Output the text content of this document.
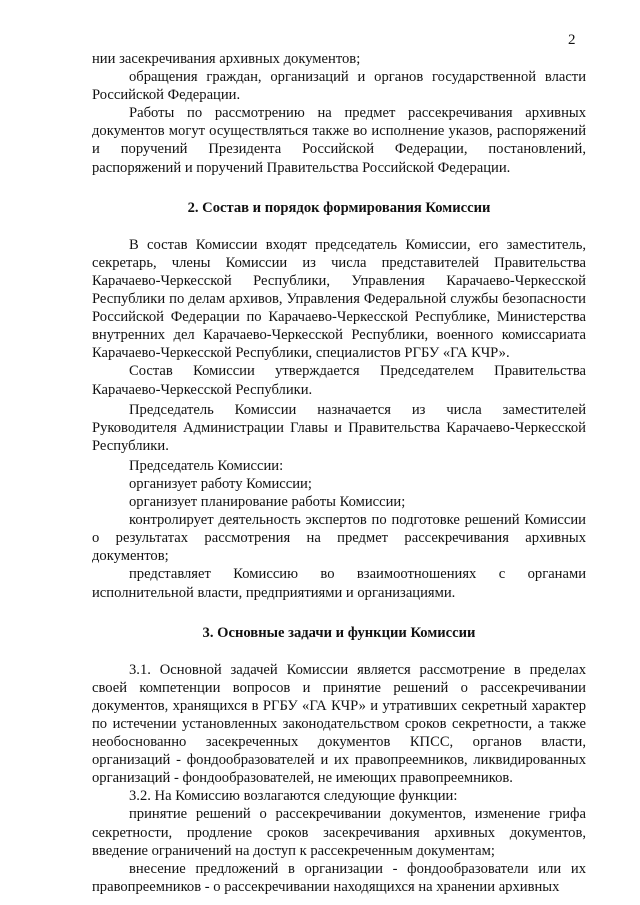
2

нии засекречивания архивных документов;

обращения граждан, организаций и органов государственной власти Российской Федерации.

Работы по рассмотрению на предмет рассекречивания архивных документов могут осуществляться также во исполнение указов, распоряжений и поручений Президента Российской Федерации, постановлений, распоряжений и поручений Правительства Российской Федерации.

2. Состав и порядок формирования Комиссии

В состав Комиссии входят председатель Комиссии, его заместитель, секретарь, члены Комиссии из числа представителей Правительства Карачаево-Черкесской Республики, Управления Карачаево-Черкесской Республики по делам архивов, Управления Федеральной службы безопасности Российской Федерации по Карачаево-Черкесской Республике, Министерства внутренних дел Карачаево-Черкесской Республики, военного комиссариата Карачаево-Черкесской Республики, специалистов РГБУ «ГА КЧР».

Состав Комиссии утверждается Председателем Правительства Карачаево-Черкесской Республики.

Председатель Комиссии назначается из числа заместителей Руководителя Администрации Главы и Правительства Карачаево-Черкесской Республики.

Председатель Комиссии:

организует работу Комиссии;

организует планирование работы Комиссии;

контролирует деятельность экспертов по подготовке решений Комиссии о результатах рассмотрения на предмет рассекречивания архивных документов;

представляет Комиссию во взаимоотношениях с органами исполнительной власти, предприятиями и организациями.

3. Основные задачи и функции Комиссии

3.1. Основной задачей Комиссии является рассмотрение в пределах своей компетенции вопросов и принятие решений о рассекречивании документов, хранящихся в РГБУ «ГА КЧР» и утративших секретный характер по истечении установленных законодательством сроков секретности, а также необоснованно засекреченных документов КПСС, органов власти, организаций - фондообразователей и их правопреемников, ликвидированных организаций - фондообразователей, не имеющих правопреемников.

3.2. На Комиссию возлагаются следующие функции:

принятие решений о рассекречивании документов, изменение грифа секретности, продление сроков засекречивания архивных документов, введение ограничений на доступ к рассекреченным документам;

внесение предложений в организации - фондообразователи или их правопреемников - о рассекречивании находящихся на хранении архивных
